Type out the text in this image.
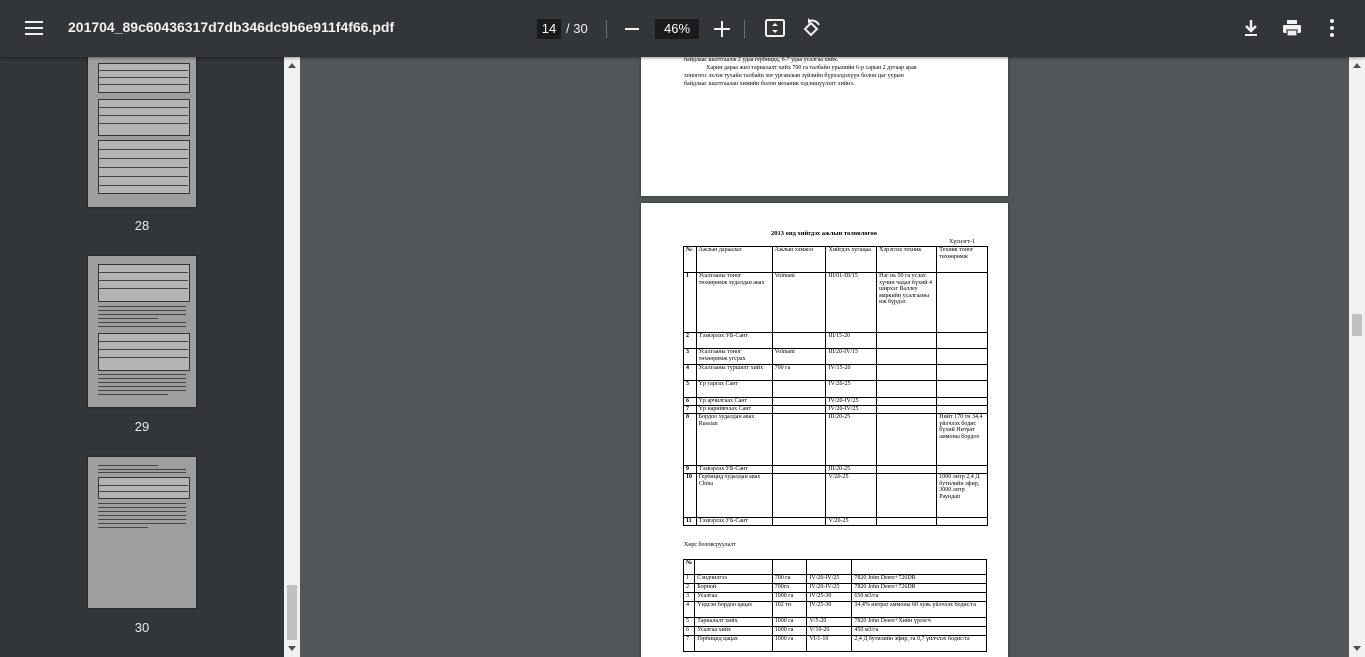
201704_89c60436317d7db346dc9b6e911f4f66.pdf	14 / 30	46%
28
29
30
байдлаас шалтгаалж 2 удаа гербицид, 6-7 удаа усалгаа хийх.
Харин дараа жил тариалалт хийх 700 га талбайн урьшийн 6-р сарын 2 дугаар арав
хоногоос эхлэн тухайн талбайн хог ургамлын зүйлийн бүрхэлдэхүүн болон цаг уурын
байдлаас шалтгаалан химийн болон механик хэдэншүүлэлт хийнэ.
2013 онд хийгдэх ажлын төлөвлөгөө
Хүснэгт-1
№	Ажлын дараалал	Ажлын хэмжээ	Хийгдэх хугацаа	Хэрэглэх техник	Техник тоног төхөөрөмж
1	Усалгааны тоног төхөөрөмж худалдан авах	Volmant	III/01-III/15	Нэг нь 50 га услах хүчин чадал бүхий 4 ширхэг Валлеу маркийн усалгааны иж бүрдэл	
2	Тээвэрлэх УБ-Сант		III/15-20		
3	Усалгааны тоног төхөөрөмж угсрах	Volmant	III/20-IV/15		
4	Усалгааны туршилт хийх	700 га	IV/15-20		
5	Үр таргах Сант		IV/20-25		
6	Үр арчилгаах Сант		IV/20-IV/25		
7	Үр нарийвчлах Сант		IV/20-IV/25		
8	Бордоо худалдан авах Russian		III/20-25		Нийт 170 тн 34,4 үйлчлэх бодис бүхий Нитрат аммоны бордоо
9	Тээвэрлэх УБ-Сант		III/20-25		
10	Гербицид худалдан авах China		V/20-25		1000 литр 2,4 Д бутилийн эфир, 3000 литр Раундап
11	Тээвэрлэх УБ-Сант		V/20-25		
Хөрс боловсруулалт
№				
1	Сэндчилгээ	700 га	IV/20-IV/25	7820 John Deere+726DR
2	Борной	700га	IV/20-IV/25	7820 John Deere+726DR
3	Усалгаа	1000 га	IV/25-30	650 м3/га
4	Үндсэн бордоо цацах	102 тн	IV/25-30	34,4% нитрат аммоны 60 хувь үйлчлэх бодис/га
5	Тариалалт хийх	1000 га	V/5-20	7820 John Deere+Хийн үрлэгч
6	Усалгаа хийх	1000 га	V/10-20	450 м3/га
7	Гербицид цацах	1000 га	VI/1-10	2,4 Д бутилийн эфир, га 0,7 үйлчлэх бодис/га
